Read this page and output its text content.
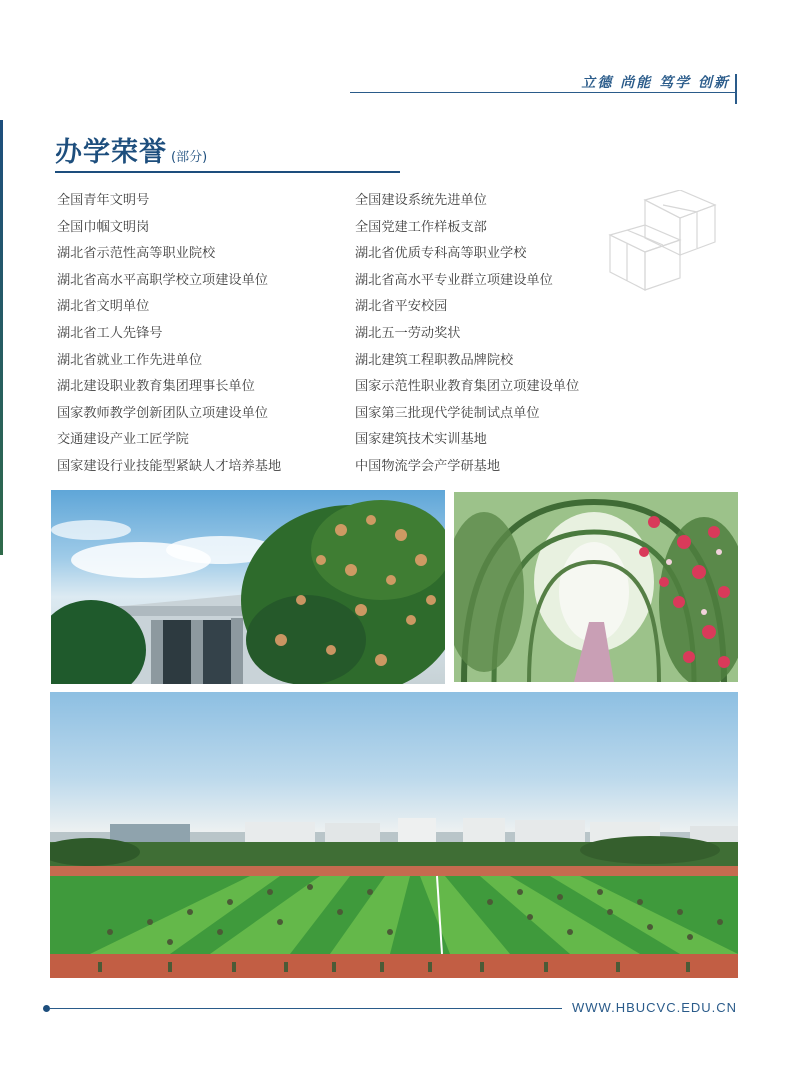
立德 尚能 笃学 创新
办学荣誉 (部分)
全国青年文明号
全国巾帼文明岗
湖北省示范性高等职业院校
湖北省高水平高职学校立项建设单位
湖北省文明单位
湖北省工人先锋号
湖北省就业工作先进单位
湖北建设职业教育集团理事长单位
国家教师教学创新团队立项建设单位
交通建设产业工匠学院
国家建设行业技能型紧缺人才培养基地
全国建设系统先进单位
全国党建工作样板支部
湖北省优质专科高等职业学校
湖北省高水平专业群立项建设单位
湖北省平安校园
湖北五一劳动奖状
湖北建筑工程职教品牌院校
国家示范性职业教育集团立项建设单位
国家第三批现代学徒制试点单位
国家建筑技术实训基地
中国物流学会产学研基地
WWW.HBUCVC.EDU.CN
